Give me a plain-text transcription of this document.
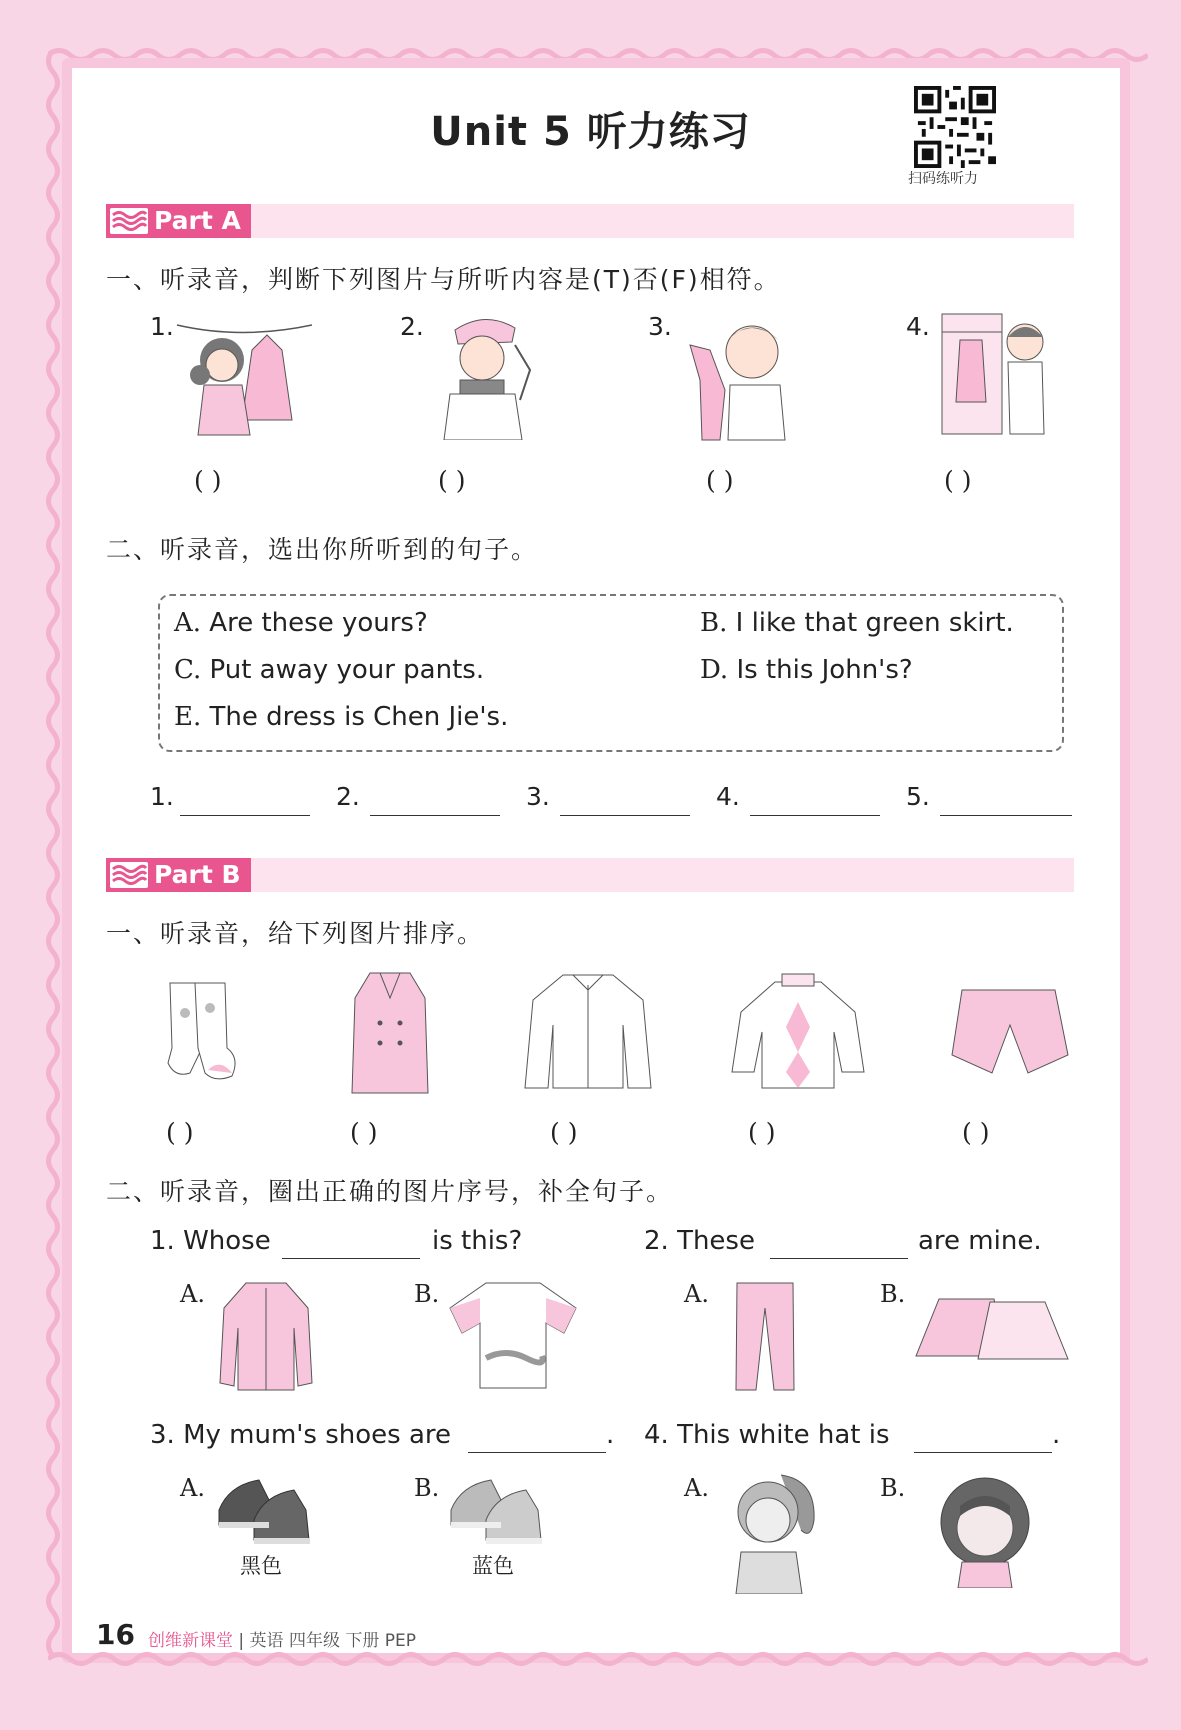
Unit 5 听力练习
扫码练听力
Part A
一、听录音，判断下列图片与所听内容是(T)否(F)相符。
1.	2.	3.	4.
( )	( )	( )	( )
二、听录音，选出你所听到的句子。
A. Are these yours?	B. I like that green skirt.
C. Put away your pants.	D. Is this John's?
E. The dress is Chen Jie's.
1.	2.	3.	4.	5.
Part B
一、听录音，给下列图片排序。
( )	( )	( )	( )	( )
二、听录音，圈出正确的图片序号，补全句子。
1. Whose	is this?	2. These	are mine.
A.	B.	A.	B.
3. My mum's shoes are	. 4. This white hat is	.
A.
黑色
B.
蓝色
A.	B.
16 创维新课堂 | 英语 四年级 下册 PEP
